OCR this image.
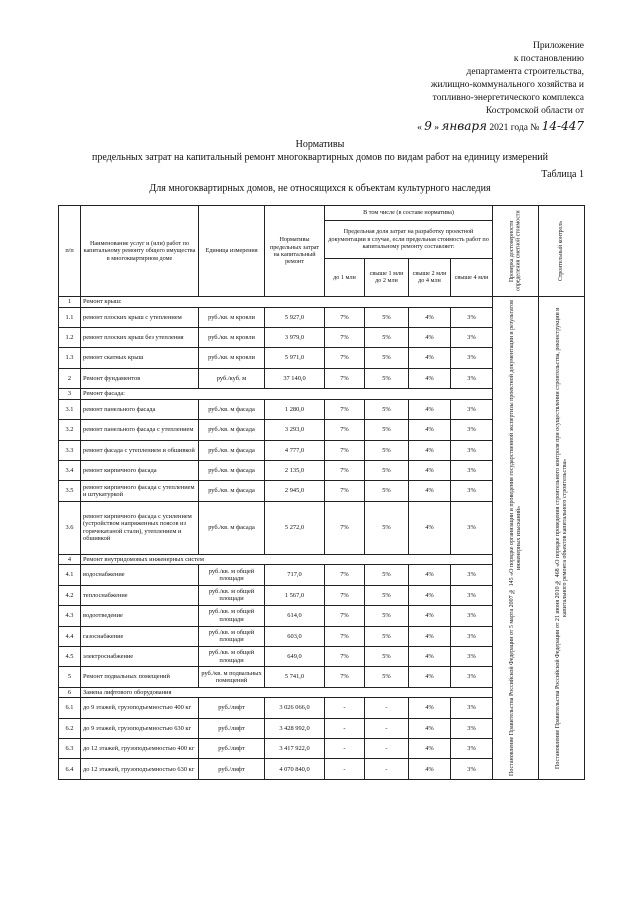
Приложение
к постановлению
департамента строительства,
жилищно-коммунального хозяйства и
топливно-энергетического комплекса
Костромской области от
« 9 » января 2021 года № 14-447
Нормативы
предельных затрат на капитальный ремонт многоквартирных домов по видам работ на единицу измерений
Таблица 1
Для многоквартирных домов, не относящихся к объектам культурного наследия
п/п	Наименование услуг и (или) работ по капитальному ремонту общего имущества в многоквартирном доме	Единица измерения	Нормативы предельных затрат на капитальный ремонт	В том числе (в составе норматива)				Проверка достоверности определения сметной стоимости	Строительный контроль

				Предельная доля затрат на разработку проектной документации в случае, если предельная стоимость работ по капитальному ремонту составляет:					
				до 1 млн	свыше 1 млн до 2 млн	свыше 2 млн до 4 млн	свыше 4 млн		
1	Ремонт крыш:							Постановление Правительства Российской Федерации от 5 марта 2007 № 145 «О порядке организации и проведения государственной экспертизы проектной документации и результатов инженерных изысканий»	Постановление Правительства Российской Федерации от 21 июня 2010 № 468 «О порядке проведения строительного контроля при осуществлении строительства, реконструкции и капитального ремонта объектов капитального строительства»

1.1	ремонт плоских крыш с утеплением	руб./кв. м кровли	5 927,0	7%	5%	4%	3%		
1.2	ремонт плоских крыш без утепления	руб./кв. м кровли	3 979,0	7%	5%	4%	3%		
1.3	ремонт скатных крыш	руб./кв. м кровли	5 971,0	7%	5%	4%	3%		
2	Ремонт фундаментов	руб./куб. м	37 140,0	7%	5%	4%	3%		
3	Ремонт фасада:								
3.1	ремонт панельного фасада	руб./кв. м фасада	1 280,0	7%	5%	4%	3%		
3.2	ремонт панельного фасада с утеплением	руб./кв. м фасада	3 293,0	7%	5%	4%	3%		
3.3	ремонт фасада с утеплением и обшивкой	руб./кв. м фасада	4 777,0	7%	5%	4%	3%		
3.4	ремонт кирпичного фасада	руб./кв. м фасада	2 135,0	7%	5%	4%	3%		
3.5	ремонт кирпичного фасада с утеплением и штукатуркой	руб./кв. м фасада	2 945,0	7%	5%	4%	3%		
3.6	ремонт кирпичного фасада с усилением (устройством напряженных поясов из горячекатаной стали), утеплением и обшивкой	руб./кв. м фасада	5 272,0	7%	5%	4%	3%		
4	Ремонт внутридомовых инженерных систем								
4.1	водоснабжение	руб./кв. м общей площади	717,0	7%	5%	4%	3%		
4.2	теплоснабжение	руб./кв. м общей площади	1 567,0	7%	5%	4%	3%		
4.3	водоотведение	руб./кв. м общей площади	614,0	7%	5%	4%	3%		
4.4	газоснабжение	руб./кв. м общей площади	603,0	7%	5%	4%	3%		
4.5	электроснабжение	руб./кв. м общей площади	649,0	7%	5%	4%	3%		
5	Ремонт подвальных помещений	руб./кв. м подвальных помещений	5 741,0	7%	5%	4%	3%		
6	Замена лифтового оборудования								
6.1	до 9 этажей, грузоподъемностью 400 кг	руб./лифт	3 026 066,0	-	-	4%	3%		
6.2	до 9 этажей, грузоподъемностью 630 кг	руб./лифт	3 428 992,0	-	-	4%	3%		
6.3	до 12 этажей, грузоподъемностью 400 кг	руб./лифт	3 417 922,0	-	-	4%	3%		
6.4	до 12 этажей, грузоподъемностью 630 кг	руб./лифт	4 070 840,0	-	-	4%	3%		
